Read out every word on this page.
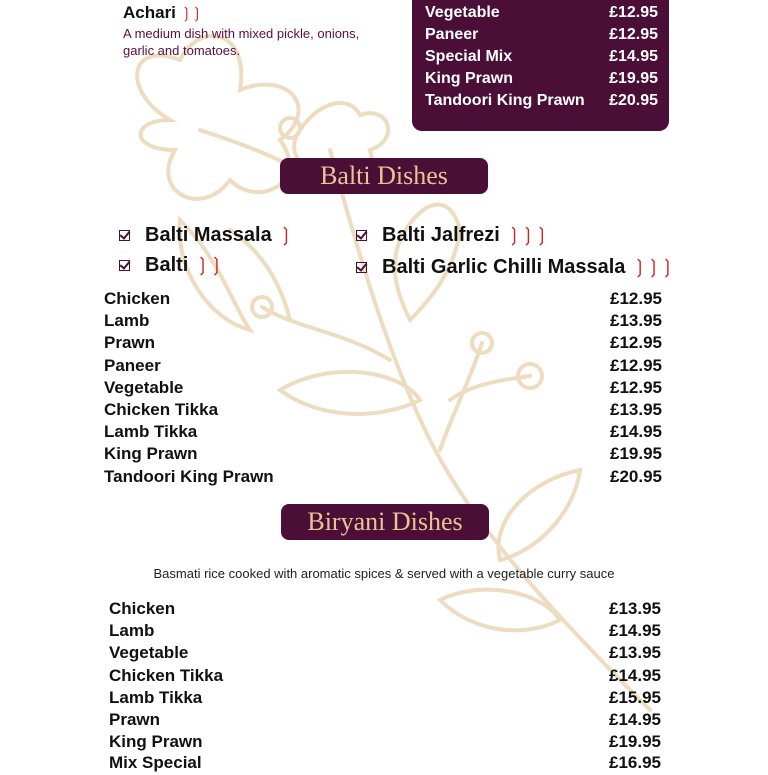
Achari ❳❳
A medium dish with mixed pickle, onions, garlic and tomatoes.
Vegetable	£12.95
Paneer	£12.95
Special Mix	£14.95
King Prawn	£19.95
Tandoori King Prawn £20.95
Balti Dishes
Balti Massala ❳
Balti ❳❳
Balti Jalfrezi ❳❳❳
Balti Garlic Chilli Massala ❳❳❳
Chicken	£12.95
Lamb	£13.95
Prawn	£12.95
Paneer	£12.95
Vegetable	£12.95
Chicken Tikka	£13.95
Lamb Tikka	£14.95
King Prawn	£19.95
Tandoori King Prawn	£20.95
Biryani Dishes
Basmati rice cooked with aromatic spices & served with a vegetable curry sauce
Chicken	£13.95
Lamb	£14.95
Vegetable	£13.95
Chicken Tikka	£14.95
Lamb Tikka	£15.95
Prawn	£14.95
King Prawn	£19.95
Mix Special	£16.95
